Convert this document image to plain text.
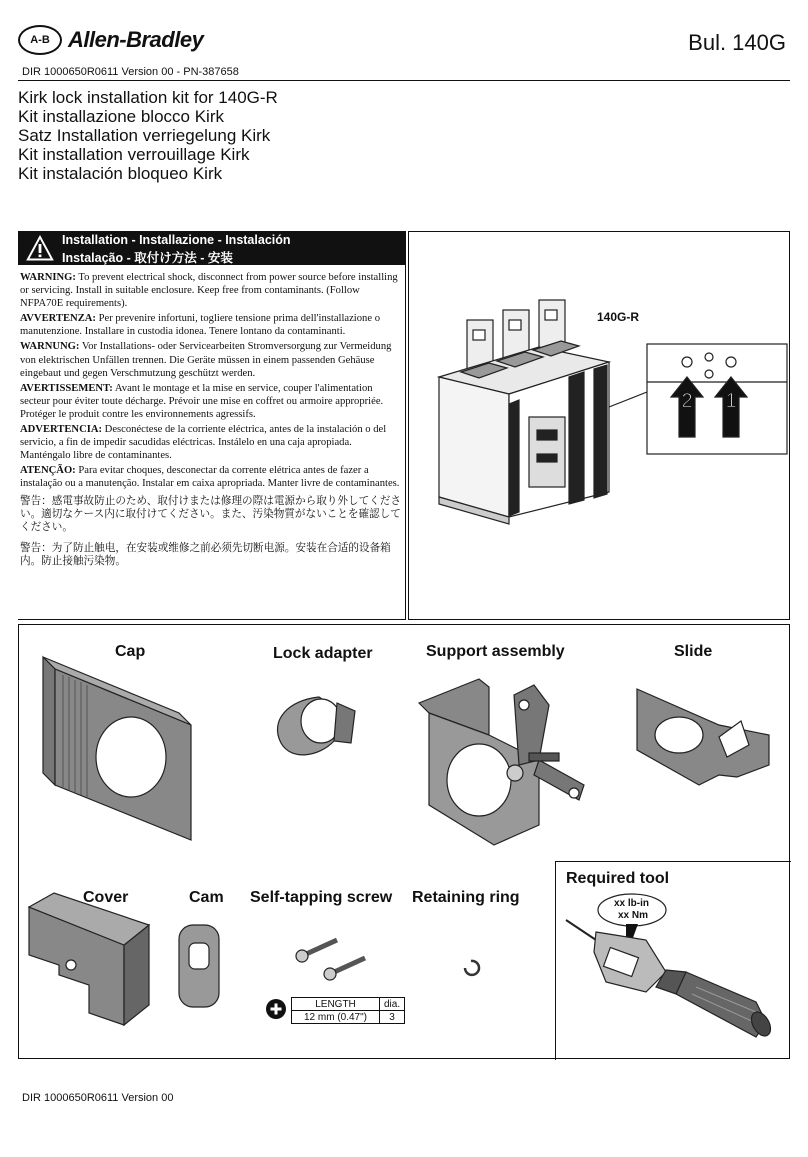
A-B Allen-Bradley	Bul. 140G
DIR 1000650R0611 Version 00 - PN-387658
Kirk lock installation kit for 140G-R
Kit installazione blocco Kirk
Satz Installation verriegelung Kirk
Kit installation verrouillage Kirk
Kit instalación bloqueo Kirk
Installation - Installazione - Instalación
Instalação - 取付け方法 - 安装

WARNING: To prevent electrical shock, disconnect from power source before installing or servicing. Install in suitable enclosure. Keep free from contaminants. (Follow NFPA70E requirements).

AVVERTENZA: Per prevenire infortuni, togliere tensione prima dell'installazione o manutenzione. Installare in custodia idonea. Tenere lontano da contaminanti.

WARNUNG: Vor Installations- oder Servicearbeiten Stromversorgung zur Vermeidung von elektrischen Unfällen trennen. Die Geräte müssen in einem passenden Gehäuse eingebaut und gegen Verschmutzung geschützt werden.

AVERTISSEMENT: Avant le montage et la mise en service, couper l'alimentation secteur pour éviter toute décharge. Prévoir une mise en coffret ou armoire appropriée. Protéger le produit contre les environnements agressifs.

ADVERTENCIA: Desconéctese de la corriente eléctrica, antes de la instalación o del servicio, a fin de impedir sacudidas eléctricas. Instálelo en una caja apropiada. Manténgalo libre de contaminantes.

ATENÇÃO: Para evitar choques, desconectar da corrente elétrica antes de fazer a instalação ou a manutenção. Instalar em caixa apropriada. Manter livre de contaminantes.

警告：感電事故防止のため、取付けまたは修理の際は電源から取り外してください。適切なケース内に取付けてください。また、汚染物質がないことを確認してください。

警告：为了防止触电，在安装或维修之前必须先切断电源。安装在合适的设备箱内。防止接触污染物。

140G-R
2 1
Cap	Lock adapter	Support assembly	Slide
Cover	Cam Self-tapping screw Retaining ring
LENGTH	dia.
12 mm (0.47")	3
Required tool
xx lb-in
xx Nm
DIR 1000650R0611 Version 00
